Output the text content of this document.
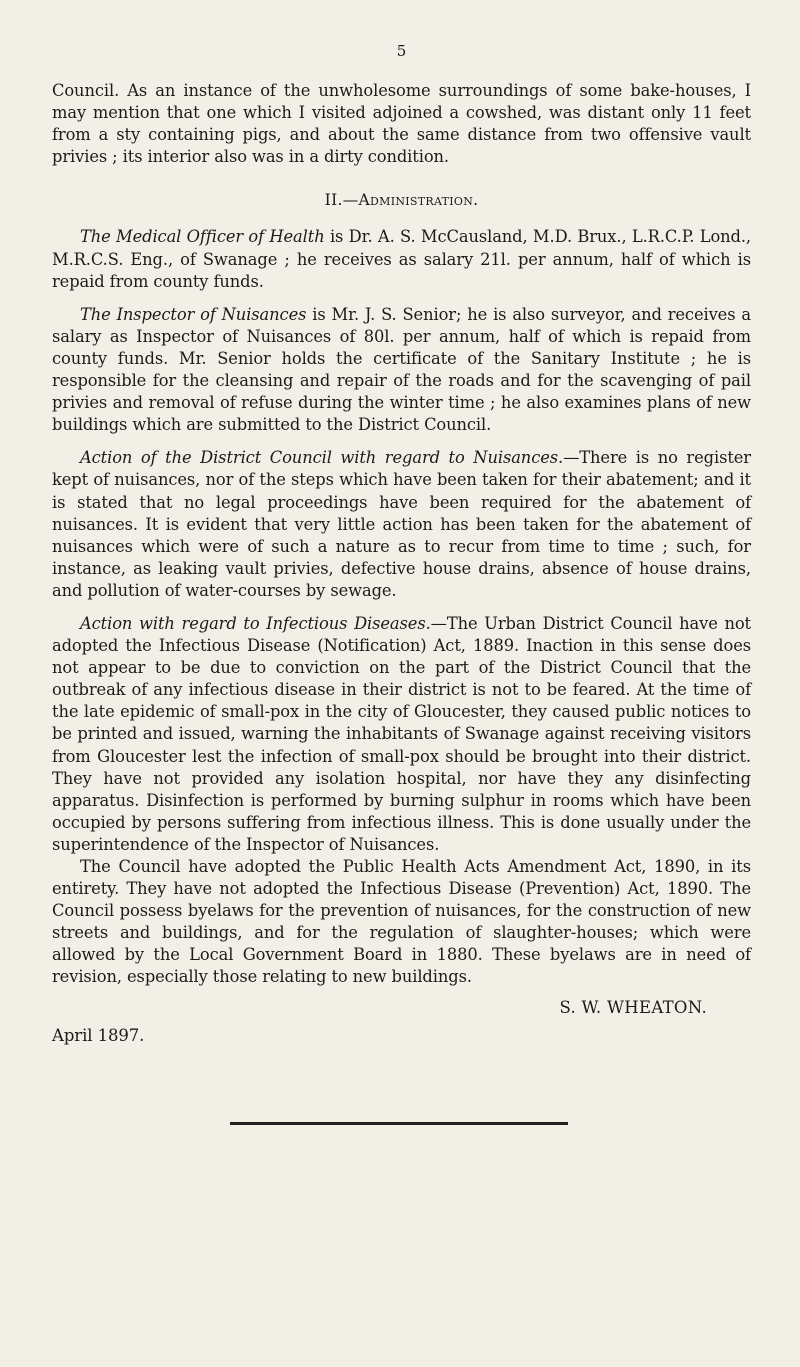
5

Council. As an instance of the unwholesome surroundings of some bake-houses, I may mention that one which I visited adjoined a cowshed, was distant only 11 feet from a sty containing pigs, and about the same distance from two offensive vault privies ; its interior also was in a dirty condition.

II.—Administration.

The Medical Officer of Health is Dr. A. S. McCausland, M.D. Brux., L.R.C.P. Lond., M.R.C.S. Eng., of Swanage ; he receives as salary 21l. per annum, half of which is repaid from county funds.

The Inspector of Nuisances is Mr. J. S. Senior; he is also surveyor, and receives a salary as Inspector of Nuisances of 80l. per annum, half of which is repaid from county funds. Mr. Senior holds the certificate of the Sanitary Institute ; he is responsible for the cleansing and repair of the roads and for the scavenging of pail privies and removal of refuse during the winter time ; he also examines plans of new buildings which are submitted to the District Council.

Action of the District Council with regard to Nuisances.—There is no register kept of nuisances, nor of the steps which have been taken for their abatement; and it is stated that no legal proceedings have been required for the abatement of nuisances. It is evident that very little action has been taken for the abatement of nuisances which were of such a nature as to recur from time to time ; such, for instance, as leaking vault privies, defective house drains, absence of house drains, and pollution of water-courses by sewage.

Action with regard to Infectious Diseases.—The Urban District Council have not adopted the Infectious Disease (Notification) Act, 1889. Inaction in this sense does not appear to be due to conviction on the part of the District Council that the outbreak of any infectious disease in their district is not to be feared. At the time of the late epidemic of small-pox in the city of Gloucester, they caused public notices to be printed and issued, warning the inhabitants of Swanage against receiving visitors from Gloucester lest the infection of small-pox should be brought into their district. They have not provided any isolation hospital, nor have they any disinfecting apparatus. Disinfection is performed by burning sulphur in rooms which have been occupied by persons suffering from infectious illness. This is done usually under the superintendence of the Inspector of Nuisances.

The Council have adopted the Public Health Acts Amendment Act, 1890, in its entirety. They have not adopted the Infectious Disease (Prevention) Act, 1890. The Council possess byelaws for the prevention of nuisances, for the construction of new streets and buildings, and for the regulation of slaughter-houses; which were allowed by the Local Government Board in 1880. These byelaws are in need of revision, especially those relating to new buildings.

S. W. WHEATON.

April 1897.
